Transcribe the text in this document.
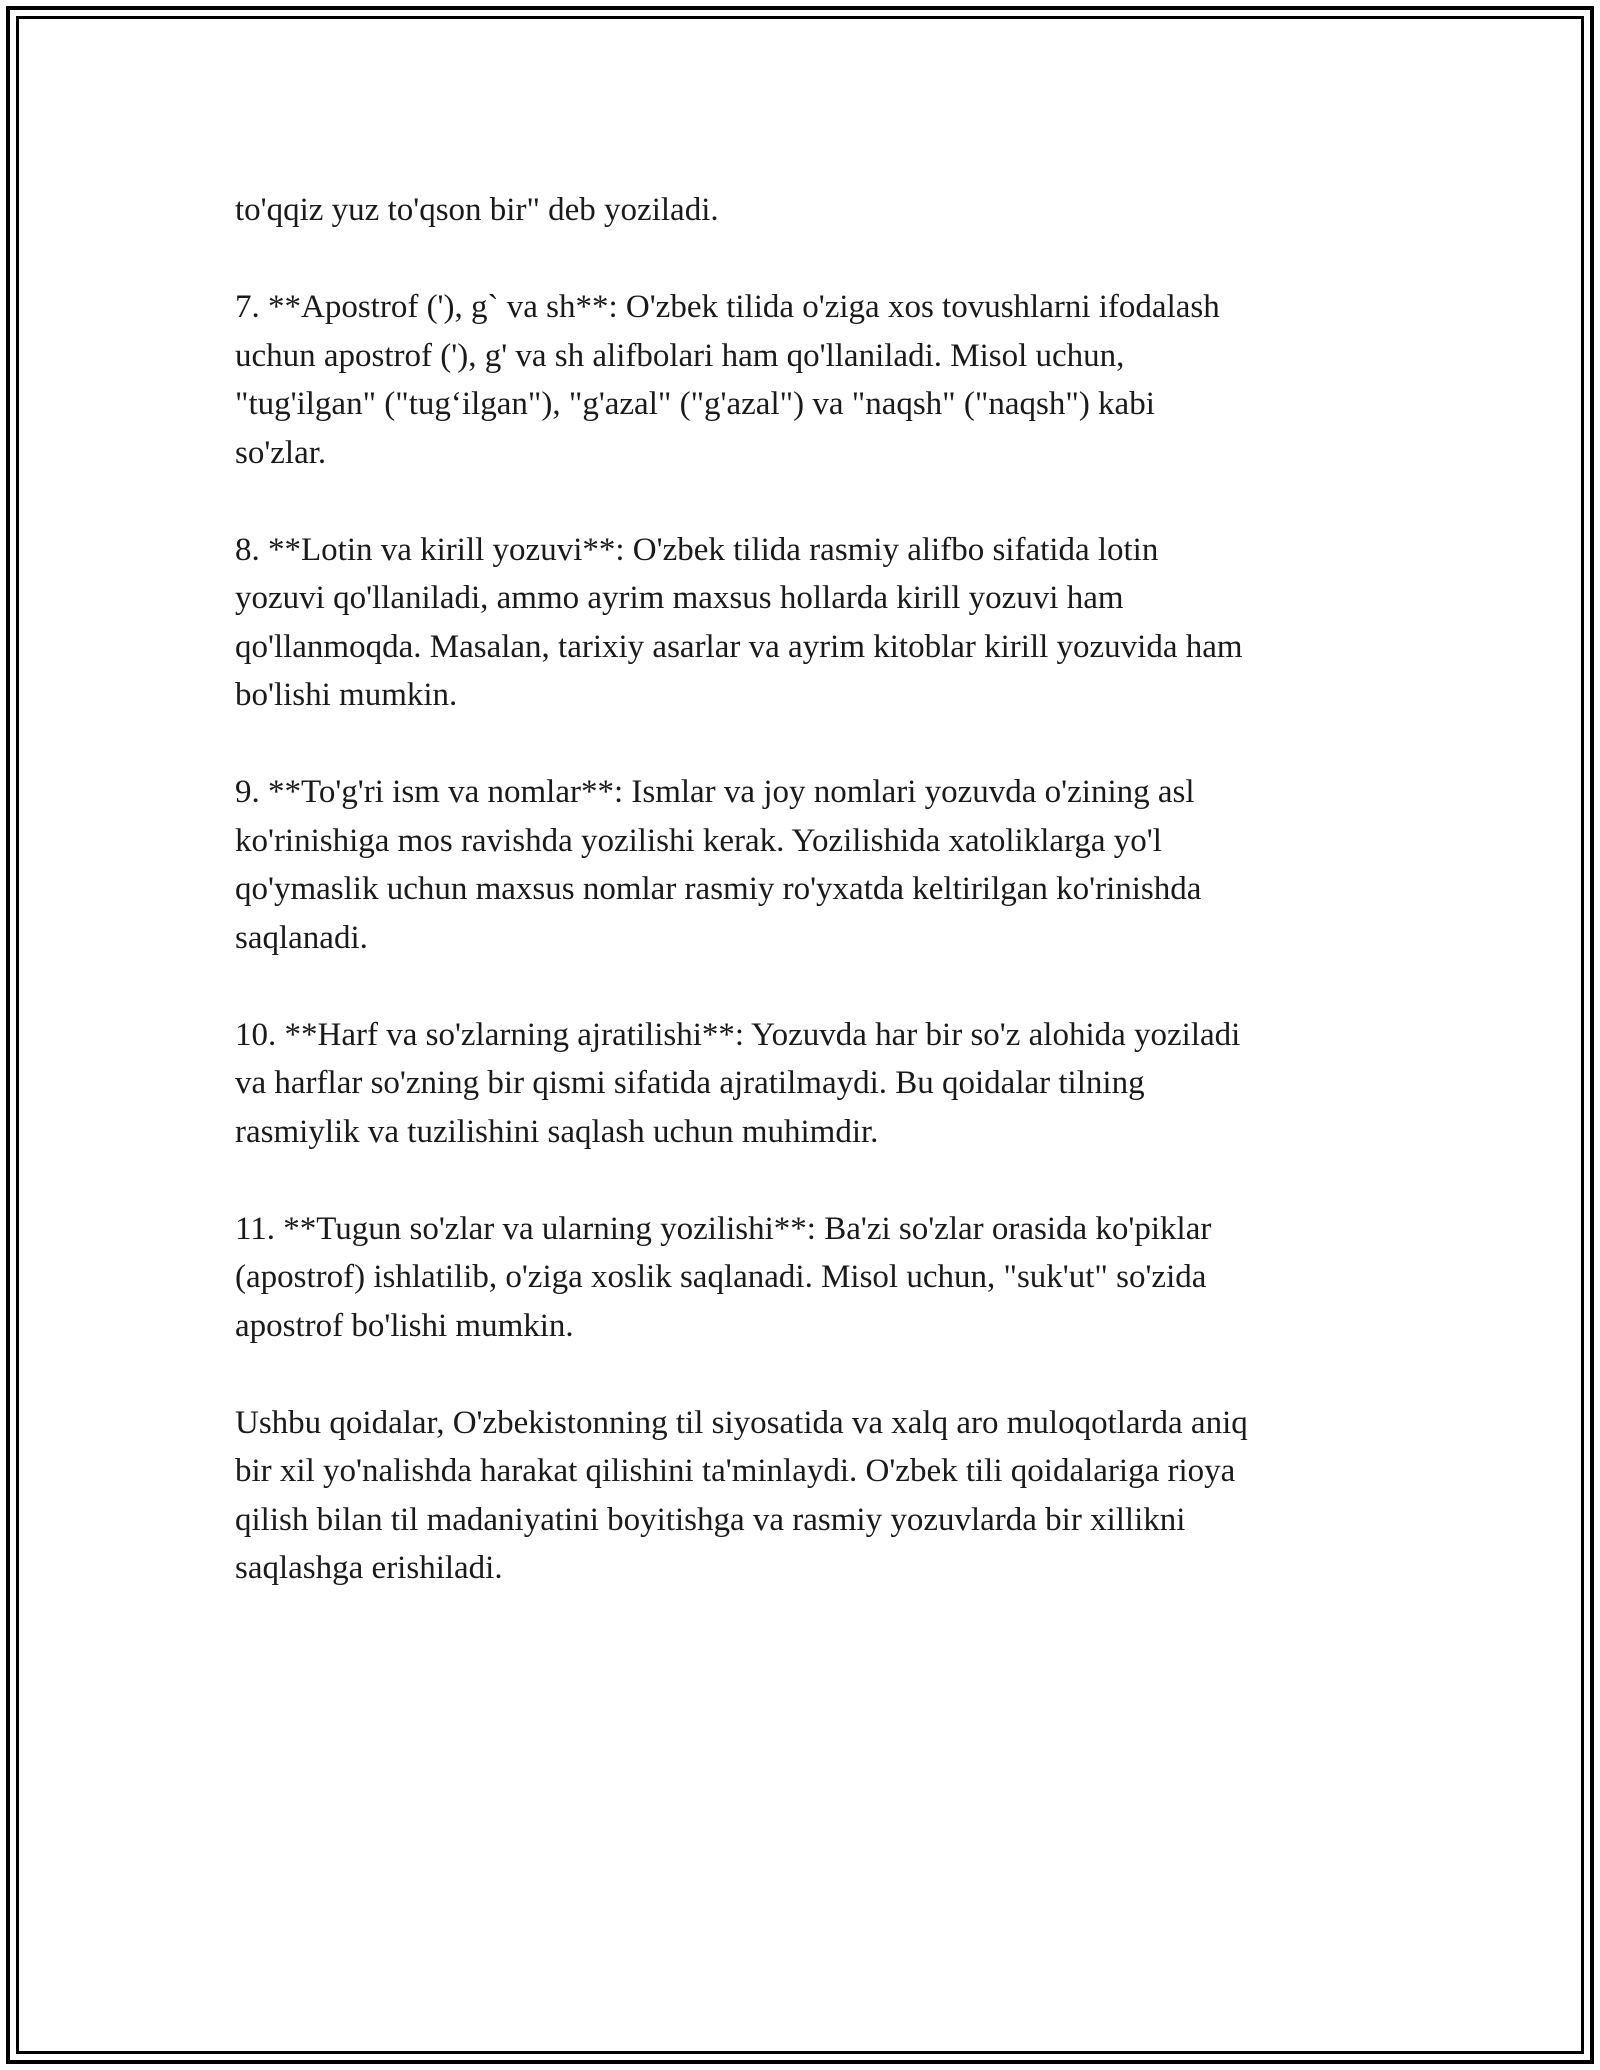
to'qqiz yuz to'qson bir" deb yoziladi.

7. **Apostrof ('), g` va sh**: O'zbek tilida o'ziga xos tovushlarni ifodalash
uchun apostrof ('), g' va sh alifbolari ham qo'llaniladi. Misol uchun,
"tug'ilgan" ("tug‘ilgan"), "g'azal" ("g'azal") va "naqsh" ("naqsh") kabi
so'zlar.

8. **Lotin va kirill yozuvi**: O'zbek tilida rasmiy alifbo sifatida lotin
yozuvi qo'llaniladi, ammo ayrim maxsus hollarda kirill yozuvi ham
qo'llanmoqda. Masalan, tarixiy asarlar va ayrim kitoblar kirill yozuvida ham
bo'lishi mumkin.

9. **To'g'ri ism va nomlar**: Ismlar va joy nomlari yozuvda o'zining asl
ko'rinishiga mos ravishda yozilishi kerak. Yozilishida xatoliklarga yo'l
qo'ymaslik uchun maxsus nomlar rasmiy ro'yxatda keltirilgan ko'rinishda
saqlanadi.

10. **Harf va so'zlarning ajratilishi**: Yozuvda har bir so'z alohida yoziladi
va harflar so'zning bir qismi sifatida ajratilmaydi. Bu qoidalar tilning
rasmiylik va tuzilishini saqlash uchun muhimdir.

11. **Tugun so'zlar va ularning yozilishi**: Ba'zi so'zlar orasida ko'piklar
(apostrof) ishlatilib, o'ziga xoslik saqlanadi. Misol uchun, "suk'ut" so'zida
apostrof bo'lishi mumkin.

Ushbu qoidalar, O'zbekistonning til siyosatida va xalq aro muloqotlarda aniq
bir xil yo'nalishda harakat qilishini ta'minlaydi. O'zbek tili qoidalariga rioya
qilish bilan til madaniyatini boyitishga va rasmiy yozuvlarda bir xillikni
saqlashga erishiladi.
